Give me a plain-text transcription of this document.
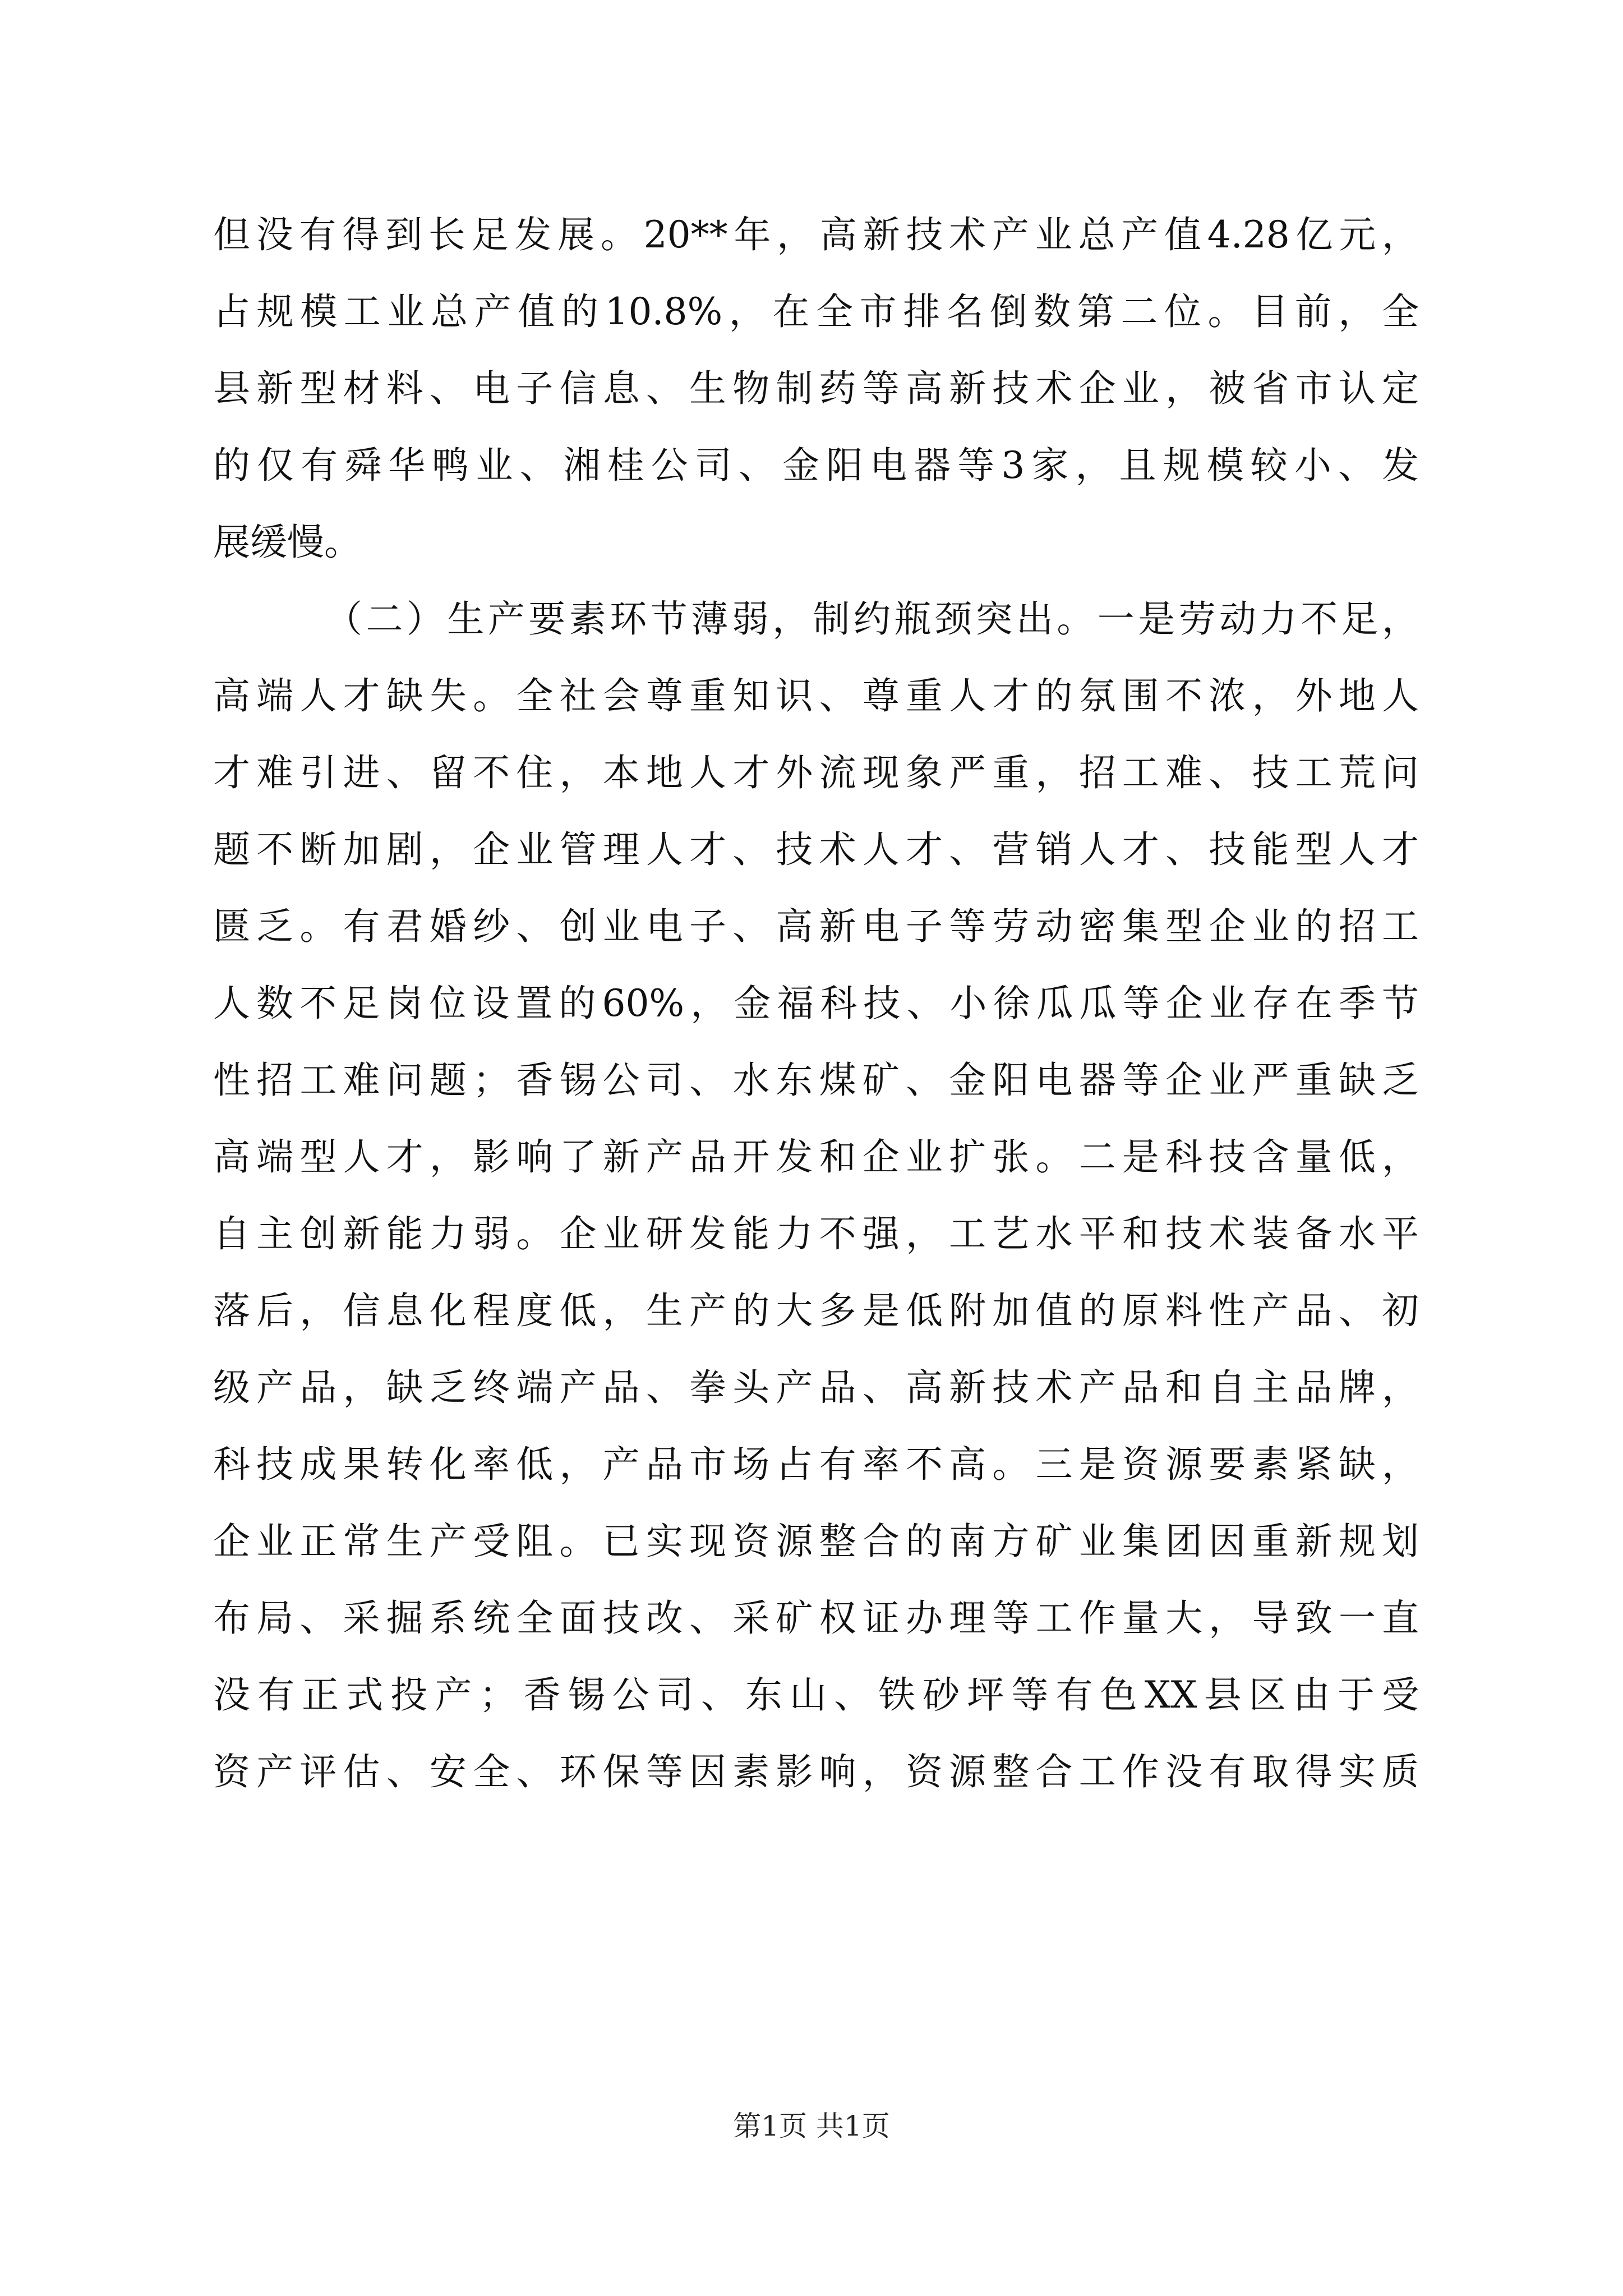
但没有得到长足发展。20**年，高新技术产业总产值4.28亿元，
占规模工业总产值的10.8%，在全市排名倒数第二位。目前，全
县新型材料、电子信息、生物制药等高新技术企业，被省市认定
的仅有舜华鸭业、湘桂公司、金阳电器等3家，且规模较小、发
展缓慢。
（二）生产要素环节薄弱，制约瓶颈突出。一是劳动力不足，
高端人才缺失。全社会尊重知识、尊重人才的氛围不浓，外地人
才难引进、留不住，本地人才外流现象严重，招工难、技工荒问
题不断加剧，企业管理人才、技术人才、营销人才、技能型人才
匮乏。有君婚纱、创业电子、高新电子等劳动密集型企业的招工
人数不足岗位设置的60%，金福科技、小徐瓜瓜等企业存在季节
性招工难问题；香锡公司、水东煤矿、金阳电器等企业严重缺乏
高端型人才，影响了新产品开发和企业扩张。二是科技含量低，
自主创新能力弱。企业研发能力不强，工艺水平和技术装备水平
落后，信息化程度低，生产的大多是低附加值的原料性产品、初
级产品，缺乏终端产品、拳头产品、高新技术产品和自主品牌，
科技成果转化率低，产品市场占有率不高。三是资源要素紧缺，
企业正常生产受阻。已实现资源整合的南方矿业集团因重新规划
布局、采掘系统全面技改、采矿权证办理等工作量大，导致一直
没有正式投产；香锡公司、东山、铁砂坪等有色XX县区由于受
资产评估、安全、环保等因素影响，资源整合工作没有取得实质
第1页 共1页
